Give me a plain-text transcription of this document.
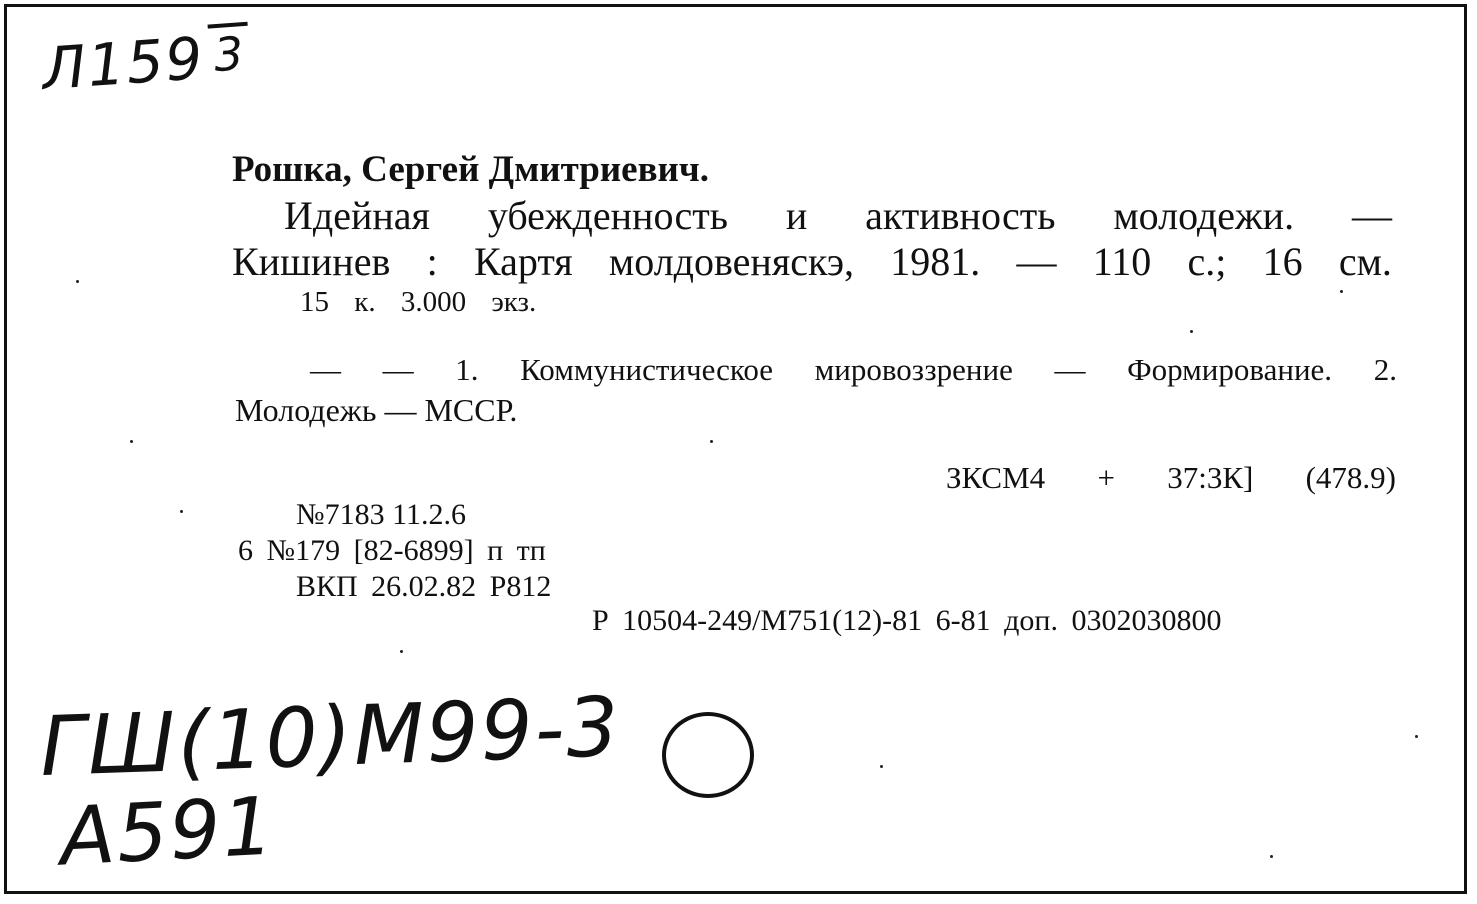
Л159 3
ГШ(10)M99-3
A591
Рошка, Сергей Дмитриевич.
Идейная убежденность и активность молодежи. —
Кишинев : Картя молдовеняскэ, 1981. — 110 с.; 16 см.
15 к. 3.000 экз.
— — 1. Коммунистическое мировоззрение — Формирование. 2.
Молодежь — МССР.
ЗКСМ4 + 37:3К] (478.9)
№7183 11.2.6
6 №179 [82-6899] п тп
ВКП 26.02.82 Р812
Р 10504-249/M751(12)-81 6-81 доп. 0302030800
